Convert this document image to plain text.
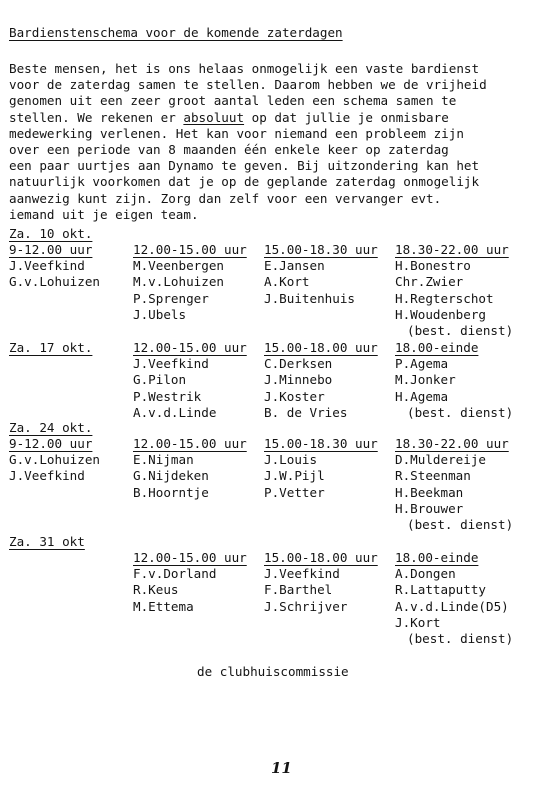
Bardienstenschema voor de komende zaterdagen
Beste mensen, het is ons helaas onmogelijk een vaste bardienst
voor de zaterdag samen te stellen. Daarom hebben we de vrijheid
genomen uit een zeer groot aantal leden een schema samen te
stellen. We rekenen er absoluut op dat jullie je onmisbare
medewerking verlenen. Het kan voor niemand een probleem zijn
over een periode van 8 maanden één enkele keer op zaterdag
een paar uurtjes aan Dynamo te geven. Bij uitzondering kan het
natuurlijk voorkomen dat je op de geplande zaterdag onmogelijk
aanwezig kunt zijn. Zorg dan zelf voor een vervanger evt.
iemand uit je eigen team.
Za. 10 okt.
9-12.00 uur
J.Veefkind
G.v.Lohuizen
12.00-15.00 uur
M.Veenbergen
M.v.Lohuizen
P.Sprenger
J.Ubels
15.00-18.30 uur
E.Jansen
A.Kort
J.Buitenhuis
18.30-22.00 uur
H.Bonestro
Chr.Zwier
H.Regterschot
H.Woudenberg
(best. dienst)
Za. 17 okt.	12.00-15.00 uur
J.Veefkind
G.Pilon
P.Westrik
A.v.d.Linde
15.00-18.00 uur
C.Derksen
J.Minnebo
J.Koster
B. de Vries
18.00-einde
P.Agema
M.Jonker
H.Agema
(best. dienst)
Za. 24 okt.
9-12.00 uur
G.v.Lohuizen
J.Veefkind
12.00-15.00 uur
E.Nijman
G.Nijdeken
B.Hoorntje
15.00-18.30 uur
J.Louis
J.W.Pijl
P.Vetter
18.30-22.00 uur
D.Muldereije
R.Steenman
H.Beekman
H.Brouwer
(best. dienst)
Za. 31 okt
12.00-15.00 uur
F.v.Dorland
R.Keus
M.Ettema
15.00-18.00 uur
J.Veefkind
F.Barthel
J.Schrijver
18.00-einde
A.Dongen
R.Lattaputty
A.v.d.Linde(D5)
J.Kort
(best. dienst)
de clubhuiscommissie
11
